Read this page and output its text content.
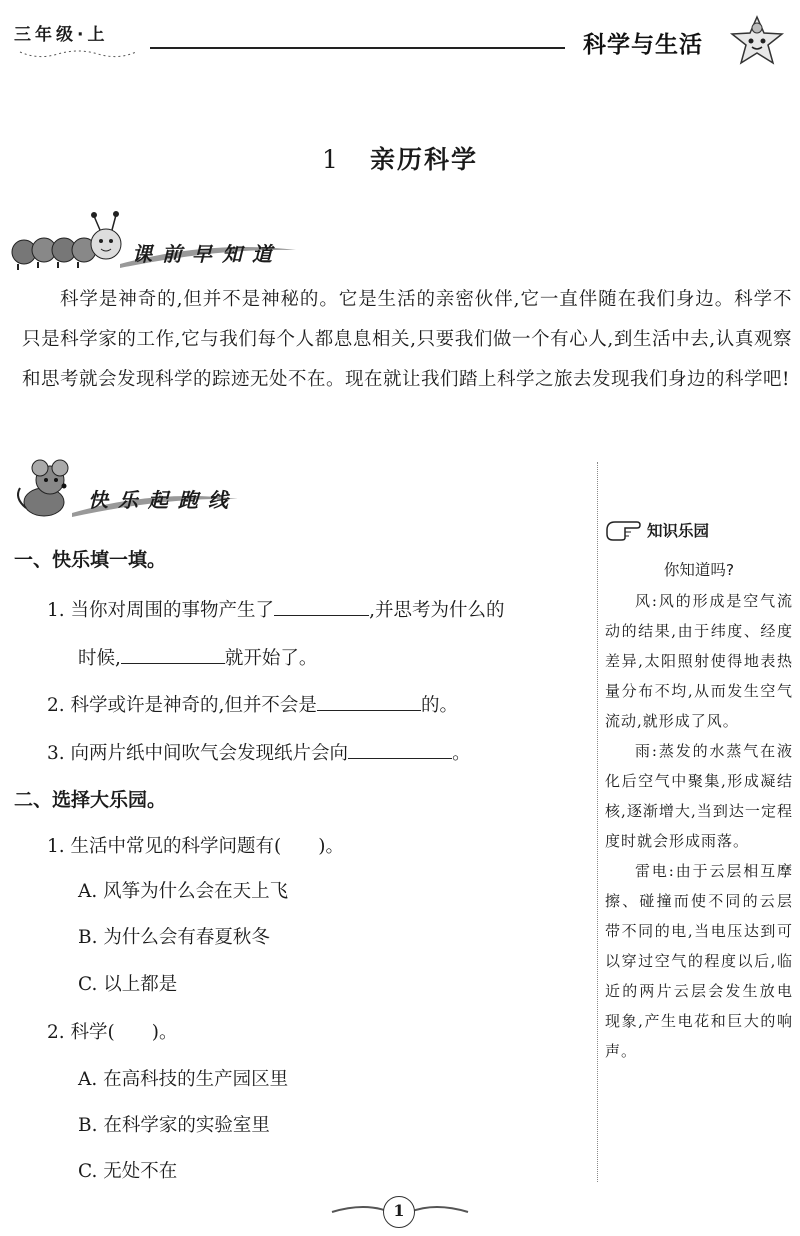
三年级·上	科学与生活
1 亲历科学
课前早知道
科学是神奇的,但并不是神秘的。它是生活的亲密伙伴,它一直伴随在我们身边。科学不只是科学家的工作,它与我们每个人都息息相关,只要我们做一个有心人,到生活中去,认真观察和思考就会发现科学的踪迹无处不在。现在就让我们踏上科学之旅去发现我们身边的科学吧!
快乐起跑线
一、快乐填一填。
1. 当你对周围的事物产生了	,并思考为什么的
时候,	就开始了。
2. 科学或许是神奇的,但并不会是	的。
3. 向两片纸中间吹气会发现纸片会向	。
二、选择大乐园。
1. 生活中常见的科学问题有(　　)。
A. 风筝为什么会在天上飞
B. 为什么会有春夏秋冬
C. 以上都是
2. 科学(　　)。
A. 在高科技的生产园区里
B. 在科学家的实验室里
C. 无处不在
知识乐园
你知道吗?
风:风的形成是空气流动的结果,由于纬度、经度差异,太阳照射使得地表热量分布不均,从而发生空气流动,就形成了风。
雨:蒸发的水蒸气在液化后空气中聚集,形成凝结核,逐渐增大,当到达一定程度时就会形成雨落。
雷电:由于云层相互摩擦、碰撞而使不同的云层带不同的电,当电压达到可以穿过空气的程度以后,临近的两片云层会发生放电现象,产生电花和巨大的响声。
1
